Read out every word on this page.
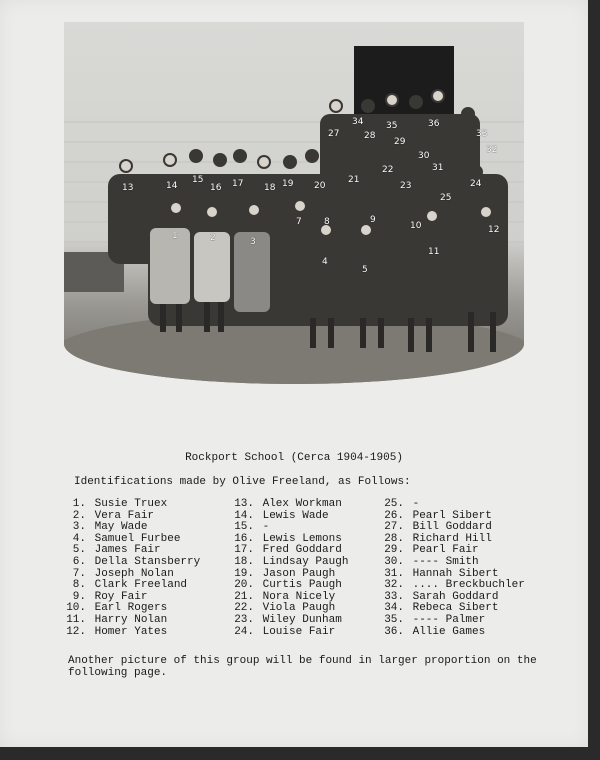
1	2	3
4
5
7 8	9
10
11
12
13	14
15
16 17 18 19 20
21
22
23	24
25
27	28
29
30
31
32
33
34	35	36
Rockport School (Cerca 1904-1905)
Identifications made by Olive Freeland, as Follows:
1. Susie Truex
2. Vera Fair
3. May Wade
4. Samuel Furbee
5. James Fair
6. Della Stansberry
7. Joseph Nolan
8. Clark Freeland
9. Roy Fair
10. Earl Rogers
11. Harry Nolan
12. Homer Yates
13. Alex Workman
14. Lewis Wade
15. -
16. Lewis Lemons
17. Fred Goddard
18. Lindsay Paugh
19. Jason Paugh
20. Curtis Paugh
21. Nora Nicely
22. Viola Paugh
23. Wiley Dunham
24. Louise Fair
25. -
26. Pearl Sibert
27. Bill Goddard
28. Richard Hill
29. Pearl Fair
30. ---- Smith
31. Hannah Sibert
32. .... Breckbuchler
33. Sarah Goddard
34. Rebeca Sibert
35. ---- Palmer
36. Allie Games
Another picture of this group will be found in larger proportion on the following page.
